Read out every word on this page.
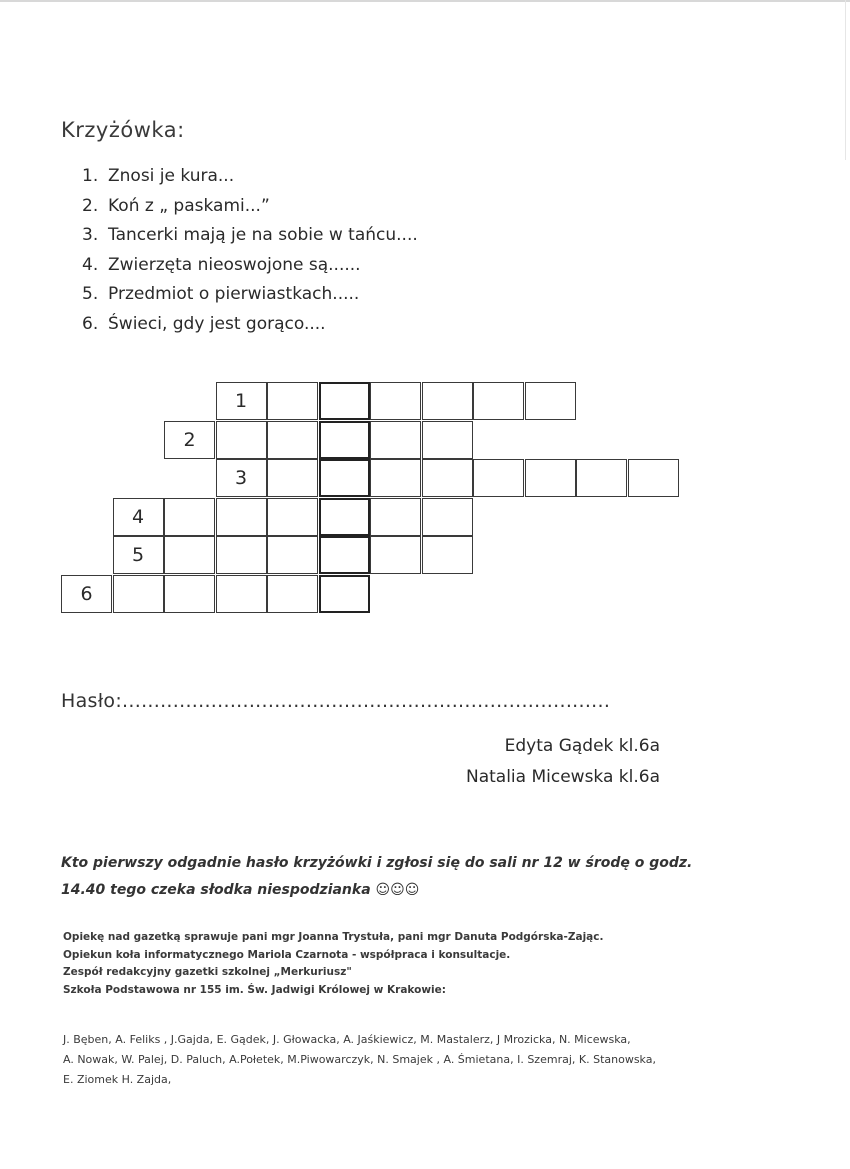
Krzyżówka:
1. Znosi je kura...
2. Koń z „ paskami...”
3. Tancerki mają je na sobie w tańcu....
4. Zwierzęta nieoswojone są......
5. Przedmiot o pierwiastkach.....
6. Świeci, gdy jest gorąco....
1
2
3
4
5
6
Hasło:.............................................................................
Edyta Gądek kl.6a
Natalia Micewska kl.6a
Kto pierwszy odgadnie hasło krzyżówki i zgłosi się do sali nr 12 w środę o godz.
14.40 tego czeka słodka niespodzianka ☺☺☺
Opiekę nad gazetką sprawuje pani mgr Joanna Trystuła, pani mgr Danuta Podgórska-Zając.
Opiekun koła informatycznego Mariola Czarnota - współpraca i konsultacje.
Zespół redakcyjny gazetki szkolnej „Merkuriusz"
Szkoła Podstawowa nr 155 im. Św. Jadwigi Królowej w Krakowie:
J. Bęben, A. Feliks , J.Gajda, E. Gądek, J. Głowacka, A. Jaśkiewicz, M. Mastalerz, J Mrozicka, N. Micewska,
A. Nowak, W. Palej, D. Paluch, A.Połetek, M.Piwowarczyk, N. Smajek , A. Śmietana, I. Szemraj, K. Stanowska,
E. Ziomek H. Zajda,
